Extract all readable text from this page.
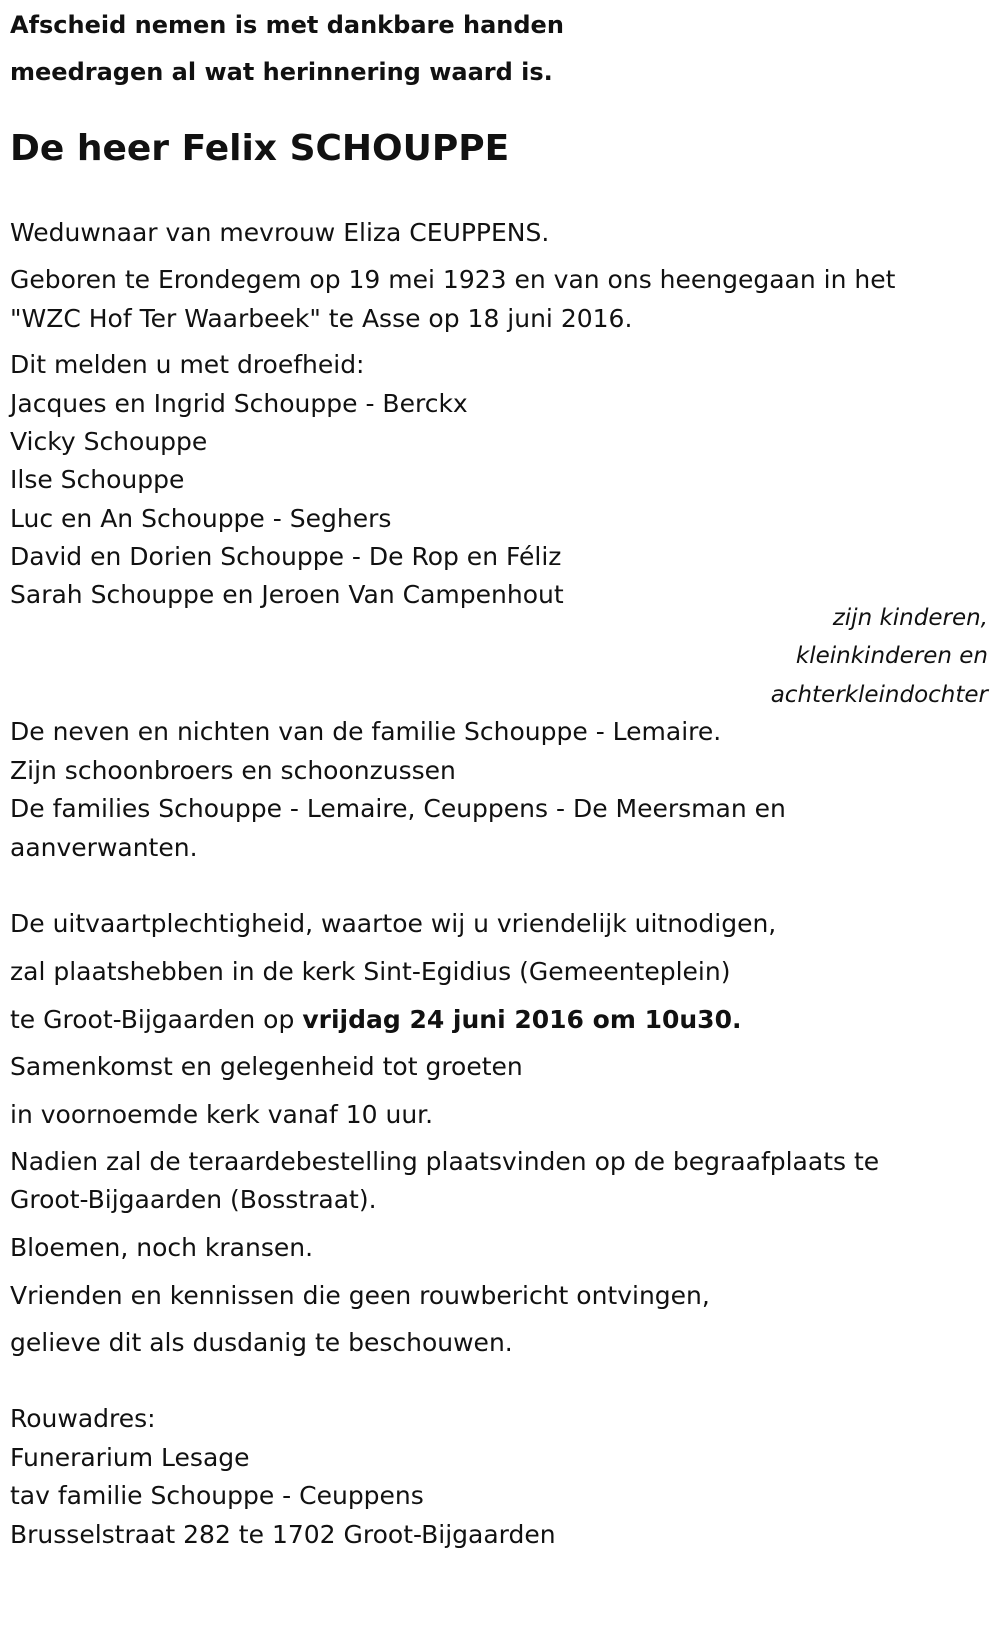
Afscheid nemen is met dankbare handen
meedragen al wat herinnering waard is.
De heer Felix SCHOUPPE
Weduwnaar van mevrouw Eliza CEUPPENS.
Geboren te Erondegem op 19 mei 1923 en van ons heengegaan in het
"WZC Hof Ter Waarbeek" te Asse op 18 juni 2016.
Dit melden u met droefheid:
Jacques en Ingrid Schouppe - Berckx
Vicky Schouppe
Ilse Schouppe
Luc en An Schouppe - Seghers
David en Dorien Schouppe - De Rop en Féliz
Sarah Schouppe en Jeroen Van Campenhout
zijn kinderen,
kleinkinderen en
achterkleindochter
De neven en nichten van de familie Schouppe - Lemaire.
Zijn schoonbroers en schoonzussen
De families Schouppe - Lemaire, Ceuppens - De Meersman en
aanverwanten.
De uitvaartplechtigheid, waartoe wij u vriendelijk uitnodigen,
zal plaatshebben in de kerk Sint-Egidius (Gemeenteplein)
te Groot-Bijgaarden op vrijdag 24 juni 2016 om 10u30.
Samenkomst en gelegenheid tot groeten
in voornoemde kerk vanaf 10 uur.
Nadien zal de teraardebestelling plaatsvinden op de begraafplaats te
Groot-Bijgaarden (Bosstraat).
Bloemen, noch kransen.
Vrienden en kennissen die geen rouwbericht ontvingen,
gelieve dit als dusdanig te beschouwen.
Rouwadres:
Funerarium Lesage
tav familie Schouppe - Ceuppens
Brusselstraat 282 te 1702 Groot-Bijgaarden
